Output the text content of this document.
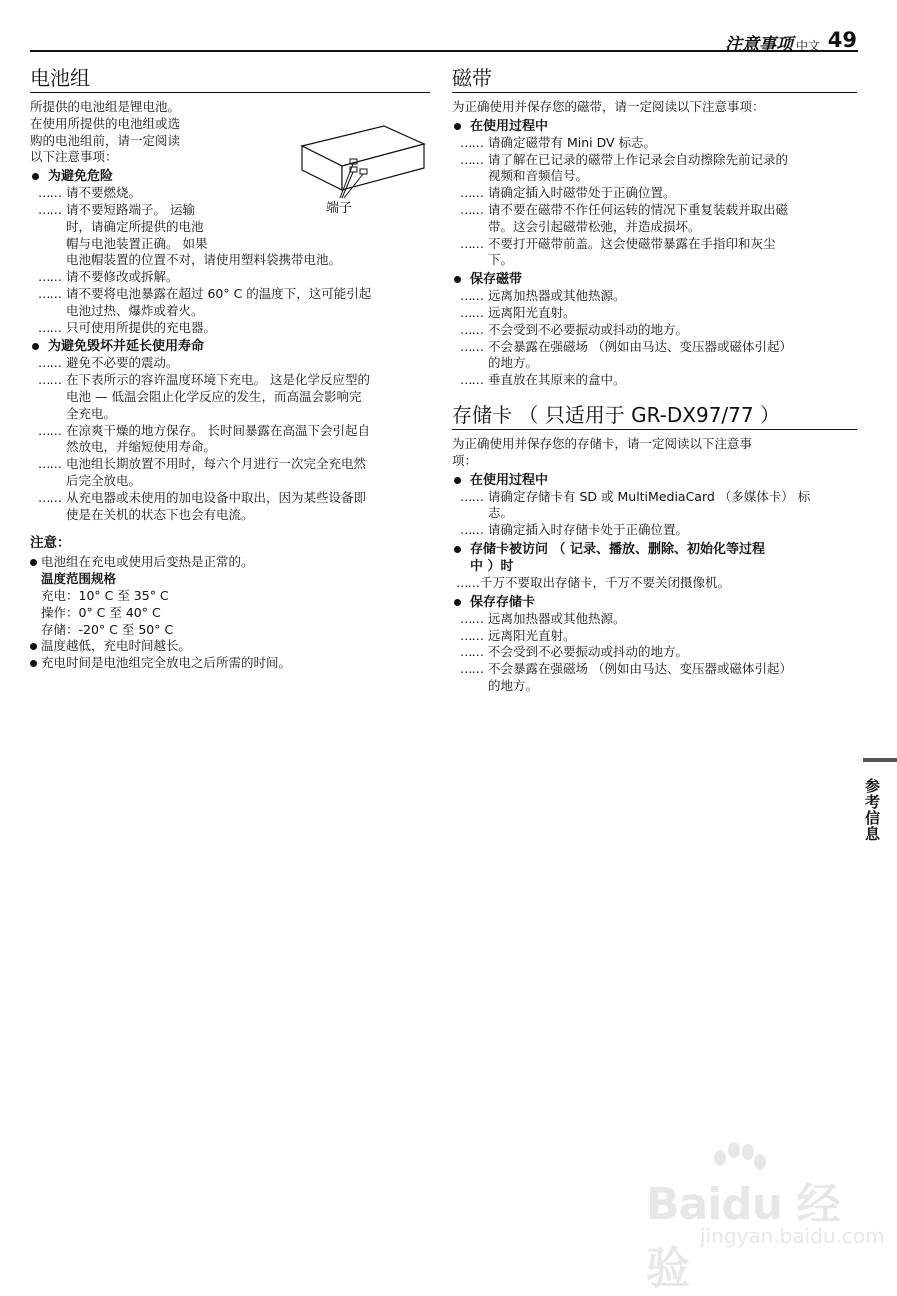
注意事项 中文 49
电池组
端子

所提供的电池组是锂电池。

在使用所提供的电池组或选

购的电池组前，请一定阅读

以下注意事项：

为避免危险

…… 请不要燃烧。
…… 请不要短路端子。 运输
时，请确定所提供的电池
帽与电池装置正确。 如果
电池帽装置的位置不对，请使用塑料袋携带电池。
…… 请不要修改或拆解。
…… 请不要将电池暴露在超过 60° C 的温度下，这可能引起
电池过热、爆炸或着火。
…… 只可使用所提供的充电器。

为避免毁坏并延长使用寿命

…… 避免不必要的震动。
…… 在下表所示的容许温度环境下充电。 这是化学反应型的
电池 — 低温会阻止化学反应的发生，而高温会影响完
全充电。
…… 在凉爽干燥的地方保存。 长时间暴露在高温下会引起自
然放电，并缩短使用寿命。
…… 电池组长期放置不用时，每六个月进行一次完全充电然
后完全放电。
…… 从充电器或未使用的加电设备中取出，因为某些设备即
使是在关机的状态下也会有电流。

注意：

电池组在充电或使用后变热是正常的。

温度范围规格

充电：10° C 至 35° C

操作：0° C 至 40° C

存储：-20° C 至 50° C

温度越低，充电时间越长。

充电时间是电池组完全放电之后所需的时间。

磁带

为正确使用并保存您的磁带，请一定阅读以下注意事项：

在使用过程中

…… 请确定磁带有 Mini DV 标志。
…… 请了解在已记录的磁带上作记录会自动擦除先前记录的
视频和音频信号。
…… 请确定插入时磁带处于正确位置。
…… 请不要在磁带不作任何运转的情况下重复装载并取出磁
带。这会引起磁带松弛，并造成损坏。
…… 不要打开磁带前盖。这会使磁带暴露在手指印和灰尘
下。

保存磁带

…… 远离加热器或其他热源。
…… 远离阳光直射。
…… 不会受到不必要振动或抖动的地方。
…… 不会暴露在强磁场 （例如由马达、变压器或磁体引起）
的地方。
…… 垂直放在其原来的盒中。
存储卡 （ 只适用于 GR-DX97/77 ）

为正确使用并保存您的存储卡，请一定阅读以下注意事

项：

在使用过程中

…… 请确定存储卡有 SD 或 MultiMediaCard （多媒体卡） 标
志。
…… 请确定插入时存储卡处于正确位置。

存储卡被访问 （ 记录、播放、删除、初始化等过程
中 ）时

…… 千万不要取出存储卡，千万不要关闭摄像机。

保存存储卡

…… 远离加热器或其他热源。
…… 远离阳光直射。
…… 不会受到不必要振动或抖动的地方。
…… 不会暴露在强磁场 （例如由马达、变压器或磁体引起）
的地方。
参考信息
Baidu 经验
jingyan.baidu.com
